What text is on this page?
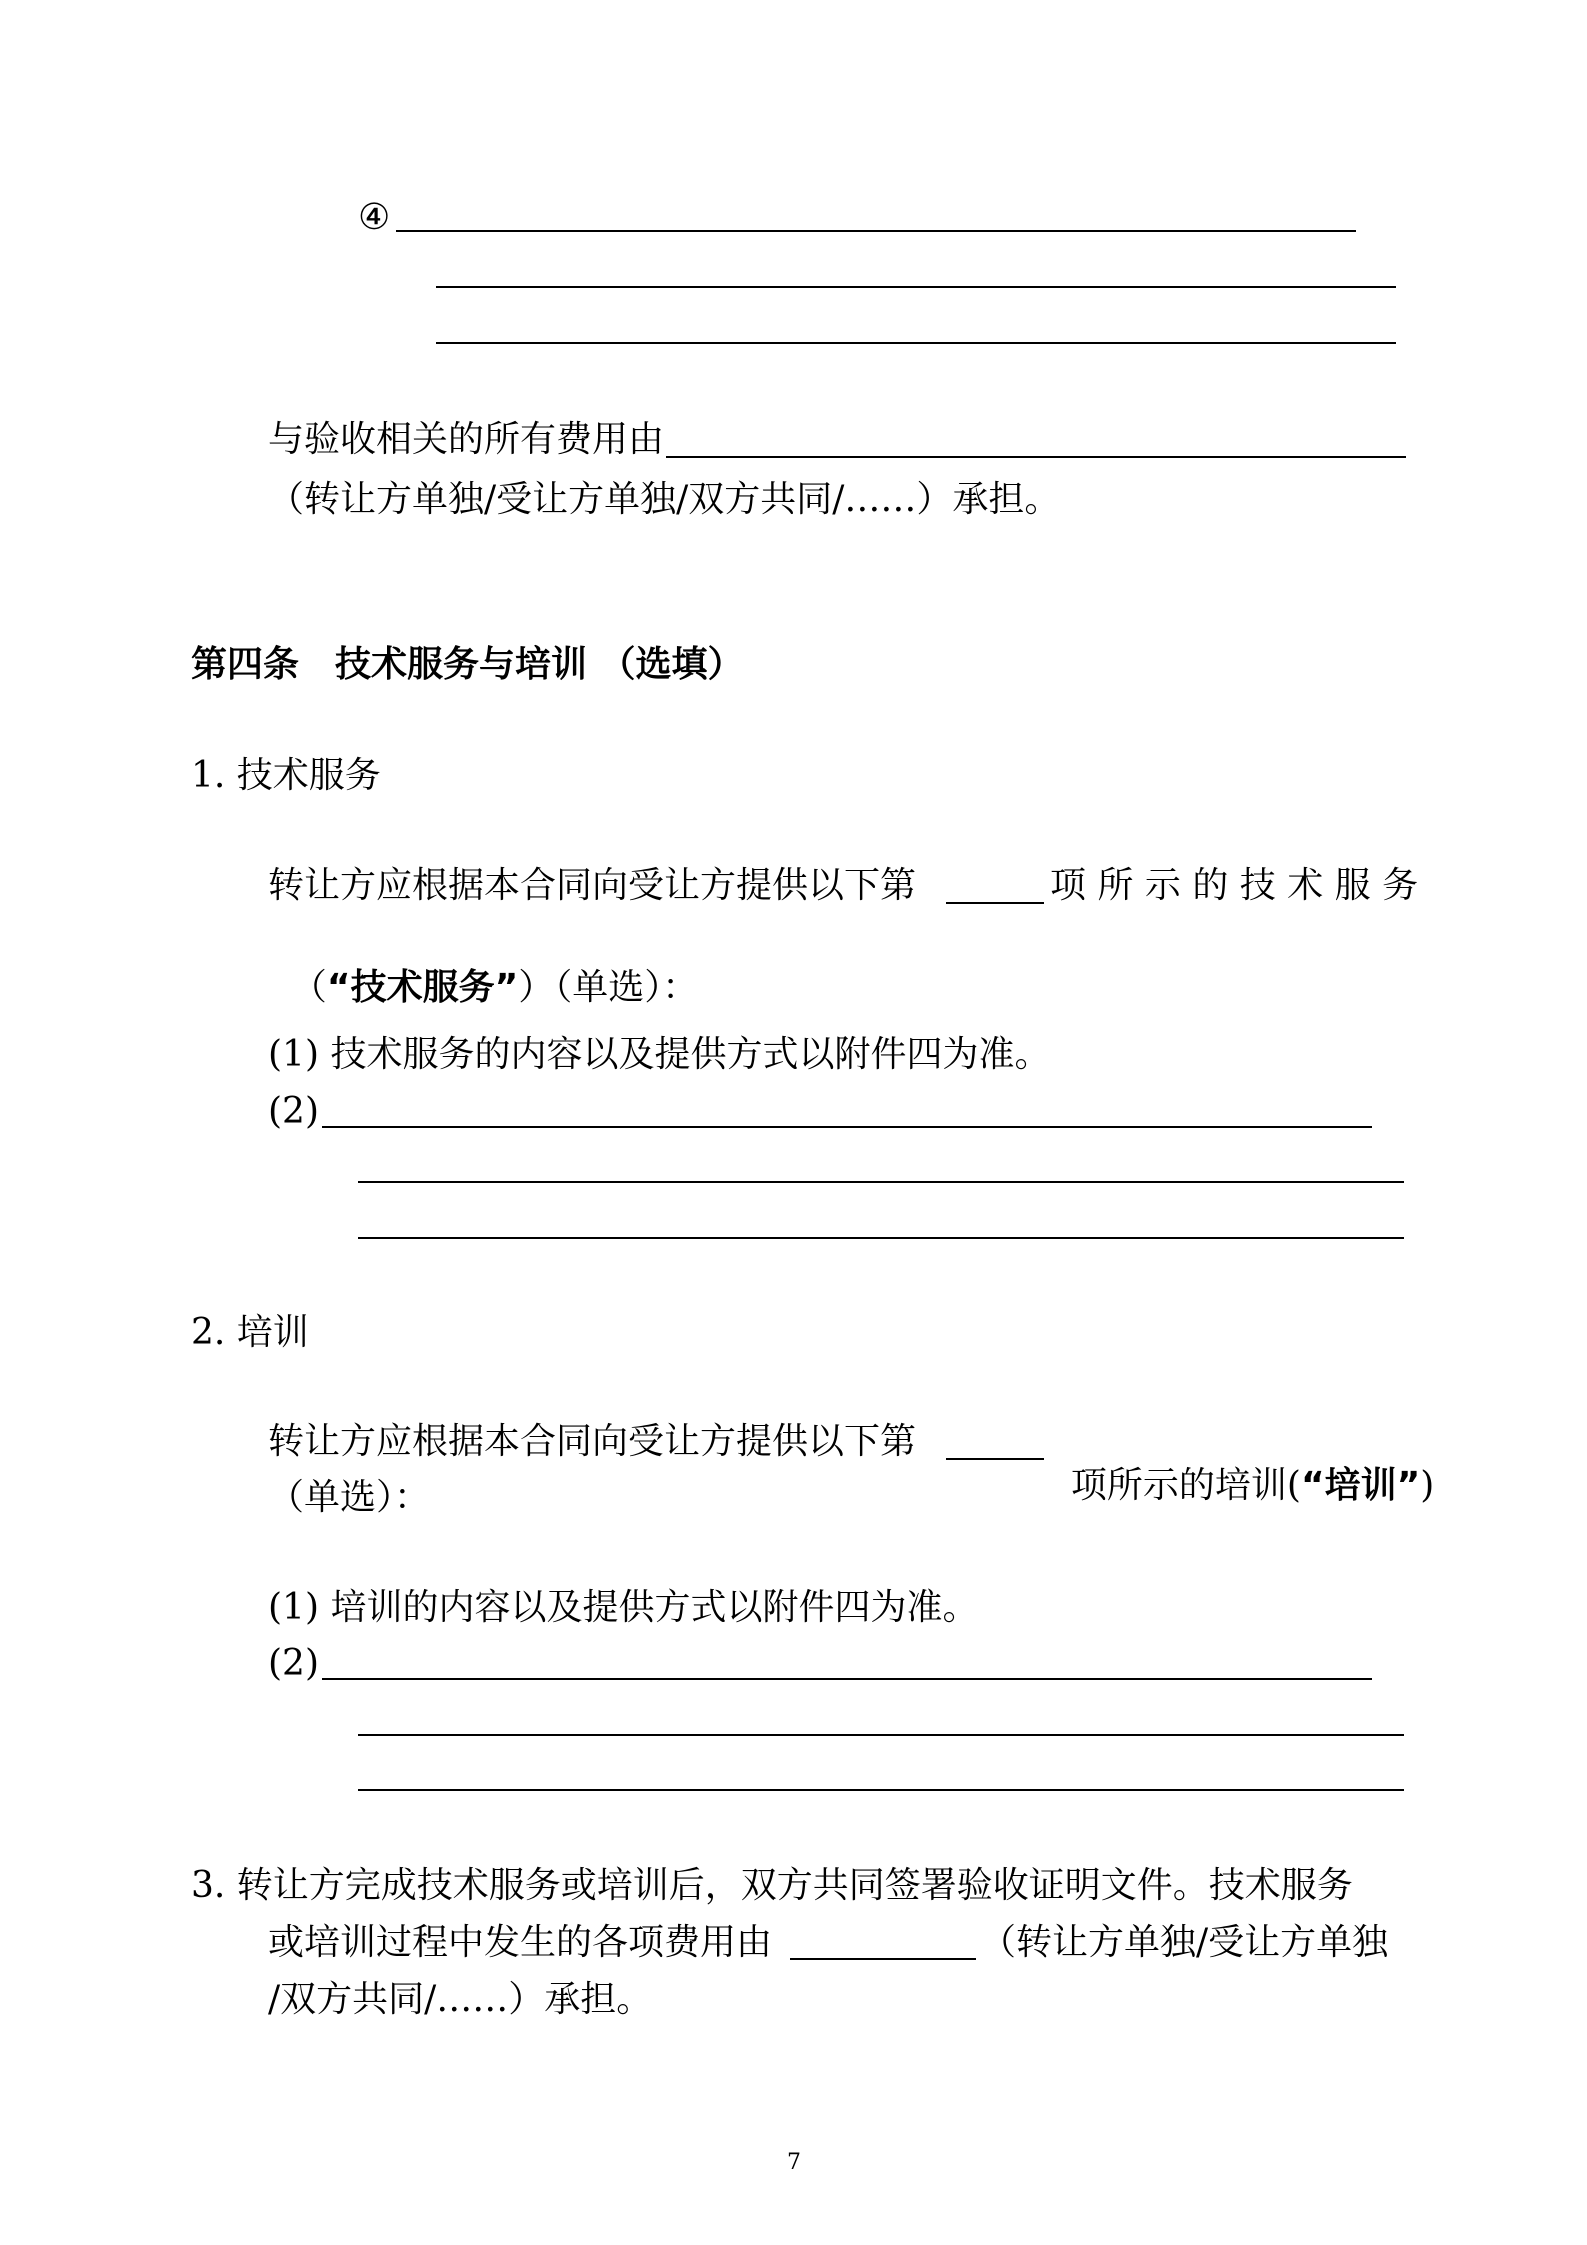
④
与验收相关的所有费用由
（转让方单独/受让方单独/双方共同/……）承担。
第四条　技术服务与培训 （选填）
1. 技术服务
转让方应根据本合同向受让方提供以下第	项 所 示 的 技 术 服 务

（“技术服务”）（单选）：

(1) 技术服务的内容以及提供方式以附件四为准。
(2)
2. 培训
转让方应根据本合同向受让方提供以下第

项所示的培训(“培训”)

（单选）：
(1) 培训的内容以及提供方式以附件四为准。
(2)
3. 转让方完成技术服务或培训后，双方共同签署验收证明文件。技术服务
或培训过程中发生的各项费用由	（转让方单独/受让方单独
/双方共同/……）承担。
7
